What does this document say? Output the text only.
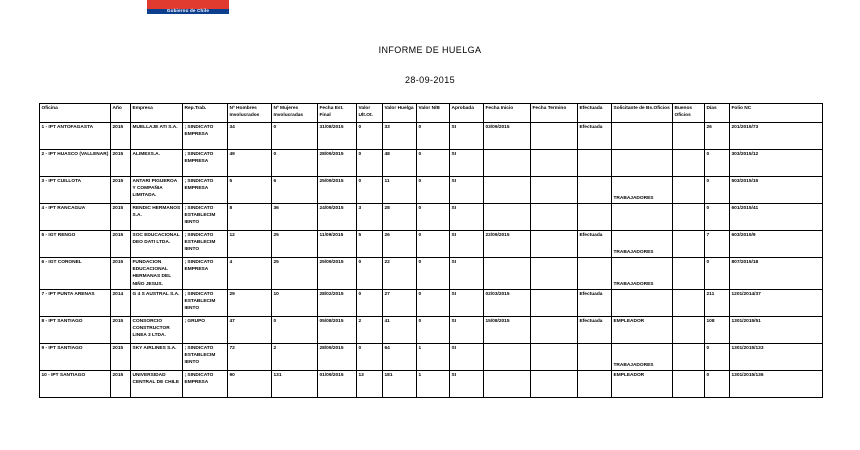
Gobierno de Chile
INFORME DE HUELGA
28-09-2015
Oficina	Año	Empresa	Rep.Trab.	Nº Hombres Involucrados	Nº Mujeres Involucradas	Fecha Est. Final	Valor Ult.Ot.	Valor Huelga	Valor N/B	Aprobada	Fecha Inicio	Fecha Termino	Efectuada	Solicitante de Bs.Oficios	Buenos Oficios	Días	Folio NC
1 - IPT ANTOFAGASTA	2015	MUELLAJE ATI S.A.	; SINDICATO EMPRESA	34	0	31/08/2015	0	33	0	SI	03/09/2015		Efectuada			26	201/2015/73
2 - IPT HUASCO (VALLENAR)	2015	ALIMEXS.A.	; SINDICATO EMPRESA	49	0	28/09/2015	0	48	0	SI						0	303/2015/12
3 - IPT CUILLOTA	2015	ANTARI PIGUEROA Y COMPAÑIA LIMITADA.	; SINDICATO EMPRESA	5	6	25/09/2015	0	11	0	SI				TRABAJADORES		0	503/2015/15
4 - IPT RANCAGUA	2015	RENDIC HERMANOS S.A.	; SINDICATO ESTABLECIM IENTO	8	36	24/09/2015	3	28	0	SI						0	601/2015/41
5 - IGT RENGO	2015	SOC EDUCACIONAL DEO DATI LTDA.	; SINDICATO ESTABLECIM IENTO	12	25	11/09/2015	5	26	0	SI	22/09/2015		Efectuada	TRABAJADORES		7	603/2015/9
6 - IGT CORONEL	2015	FUNDACION EDUCACIONAL HERMANAS DEL NIÑO JESUS.	; SINDICATO EMPRESA	4	25	25/09/2015	0	22	0	SI				TRABAJADORES		0	807/2015/18
7 - IPT PUNTA ARENAS	2014	G 4 S AUSTRAL S.A.	; SINDICATO ESTABLECIM IENTO	29	10	28/02/2015	0	27	0	SI	02/03/2015		Efectuada			211	1201/2014/37
8 - IPT SANTIAGO	2015	CONSORCIO CONSTRUCTOR LINEA 3 LTDA.	; GRUPO	47	0	05/08/2015	2	41	0	SI	15/08/2015		Efectuada	EMPLEADOR		108	1301/2015/51
9 - IPT SANTIAGO	2015	SKY AIRLINES S.A.	; SINDICATO ESTABLECIM IENTO	72	2	28/09/2015	0	64	1	SI				TRABAJADORES		0	1301/2015/133
10 - IPT SANTIAGO	2015	UNIVERSIDAD CENTRAL DE CHILE	; SINDICATO EMPRESA	90	131	01/09/2015	13	181	1	SI				EMPLEADOR		0	1301/2015/136
